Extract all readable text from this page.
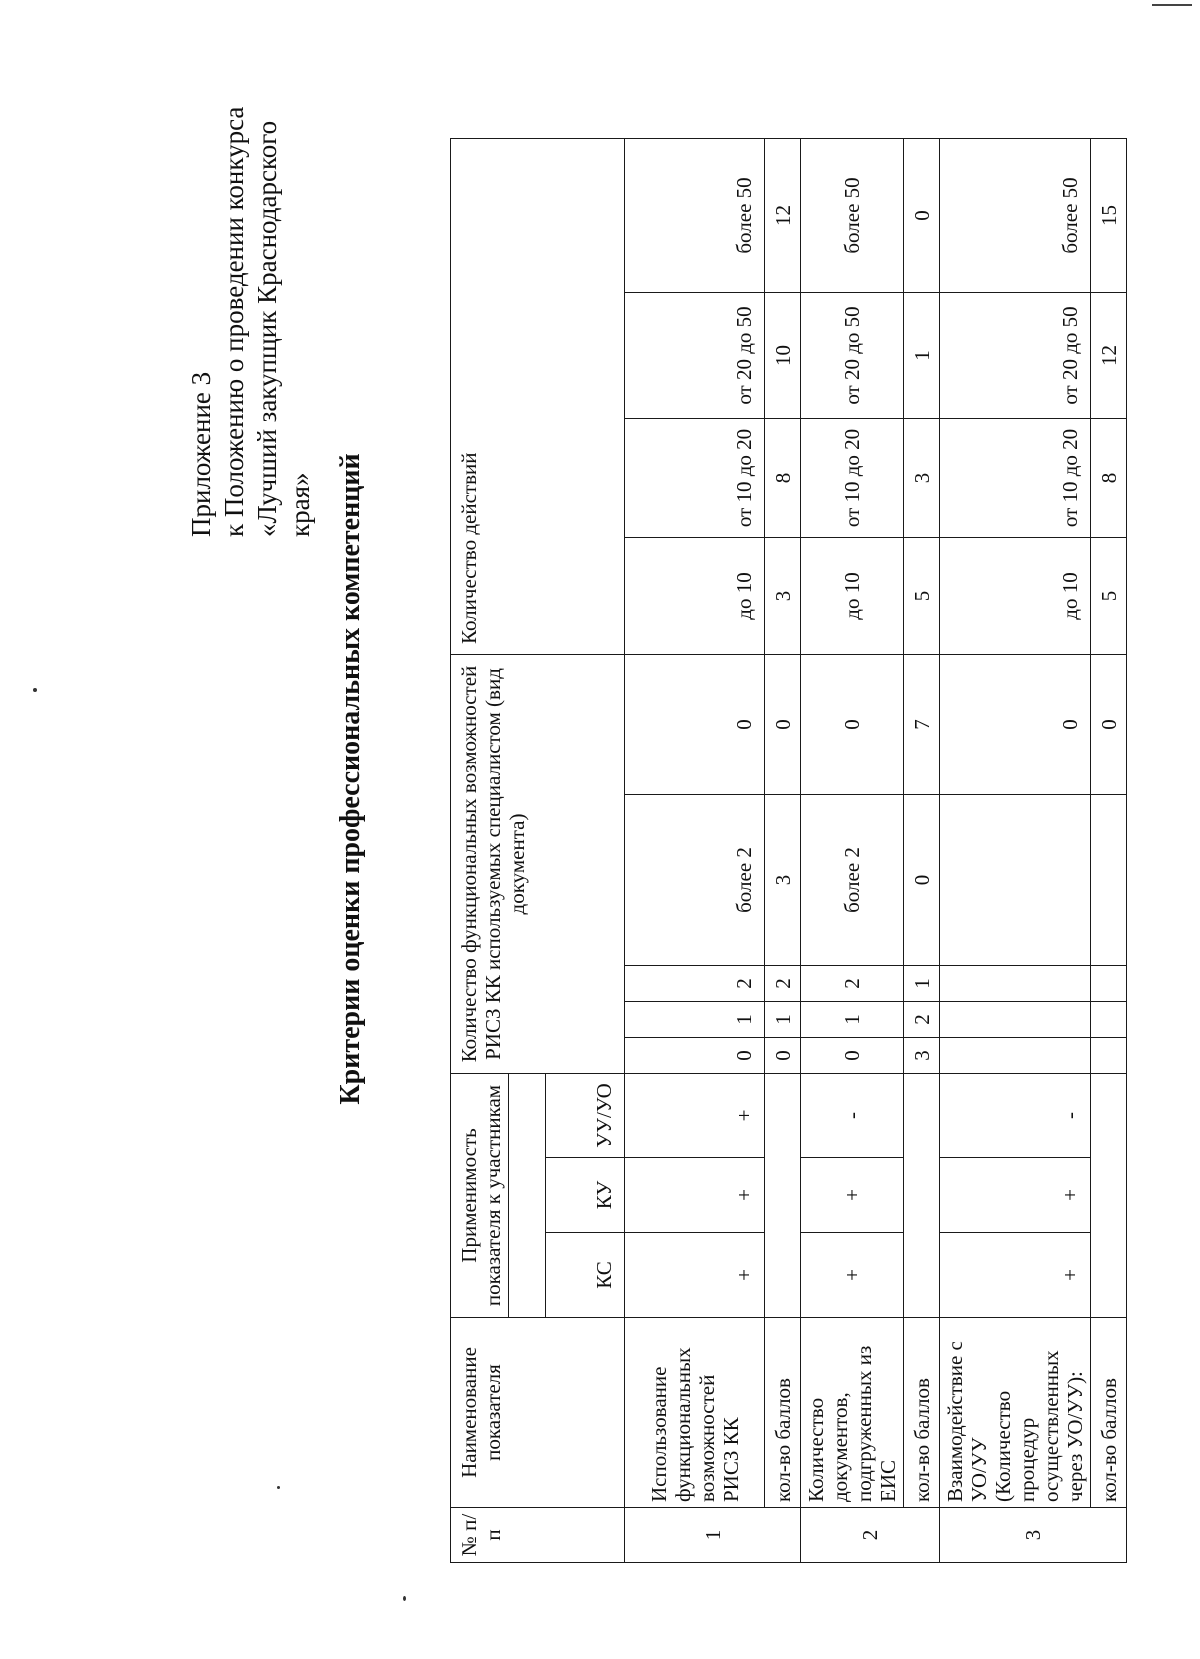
Приложение 3 к Положению о проведении конкурса «Лучший закупщик Краснодарского края» Критерии оценки профессиональных компетенций
№ п/п	Наименование показателя	Применимость показателя к участникам			Количество функциональных возможностей РИСЗ КК используемых специалистом (вид документа)					Количество действий			

		КС	КУ	УУ/УО									
1	Использование функциональных возможностей РИСЗ КК	+	+	+	0	1	2	более 2	0	до 10	от 10 до 20	от 20 до 50	более 50
	кол-во баллов				0	1	2	3	0	3	8	10	12
2	Количество документов, подгруженных из ЕИС	+	+	-	0	1	2	более 2	0	до 10	от 10 до 20	от 20 до 50	более 50
	кол-во баллов				3	2	1	0	7	5	3	1	0
3	Взаимодействие с УО/УУ (Количество процедур осуществленных через УО/УУ):	+	+	-					0	до 10	от 10 до 20	от 20 до 50	более 50
	кол-во баллов								0	5	8	12	15
